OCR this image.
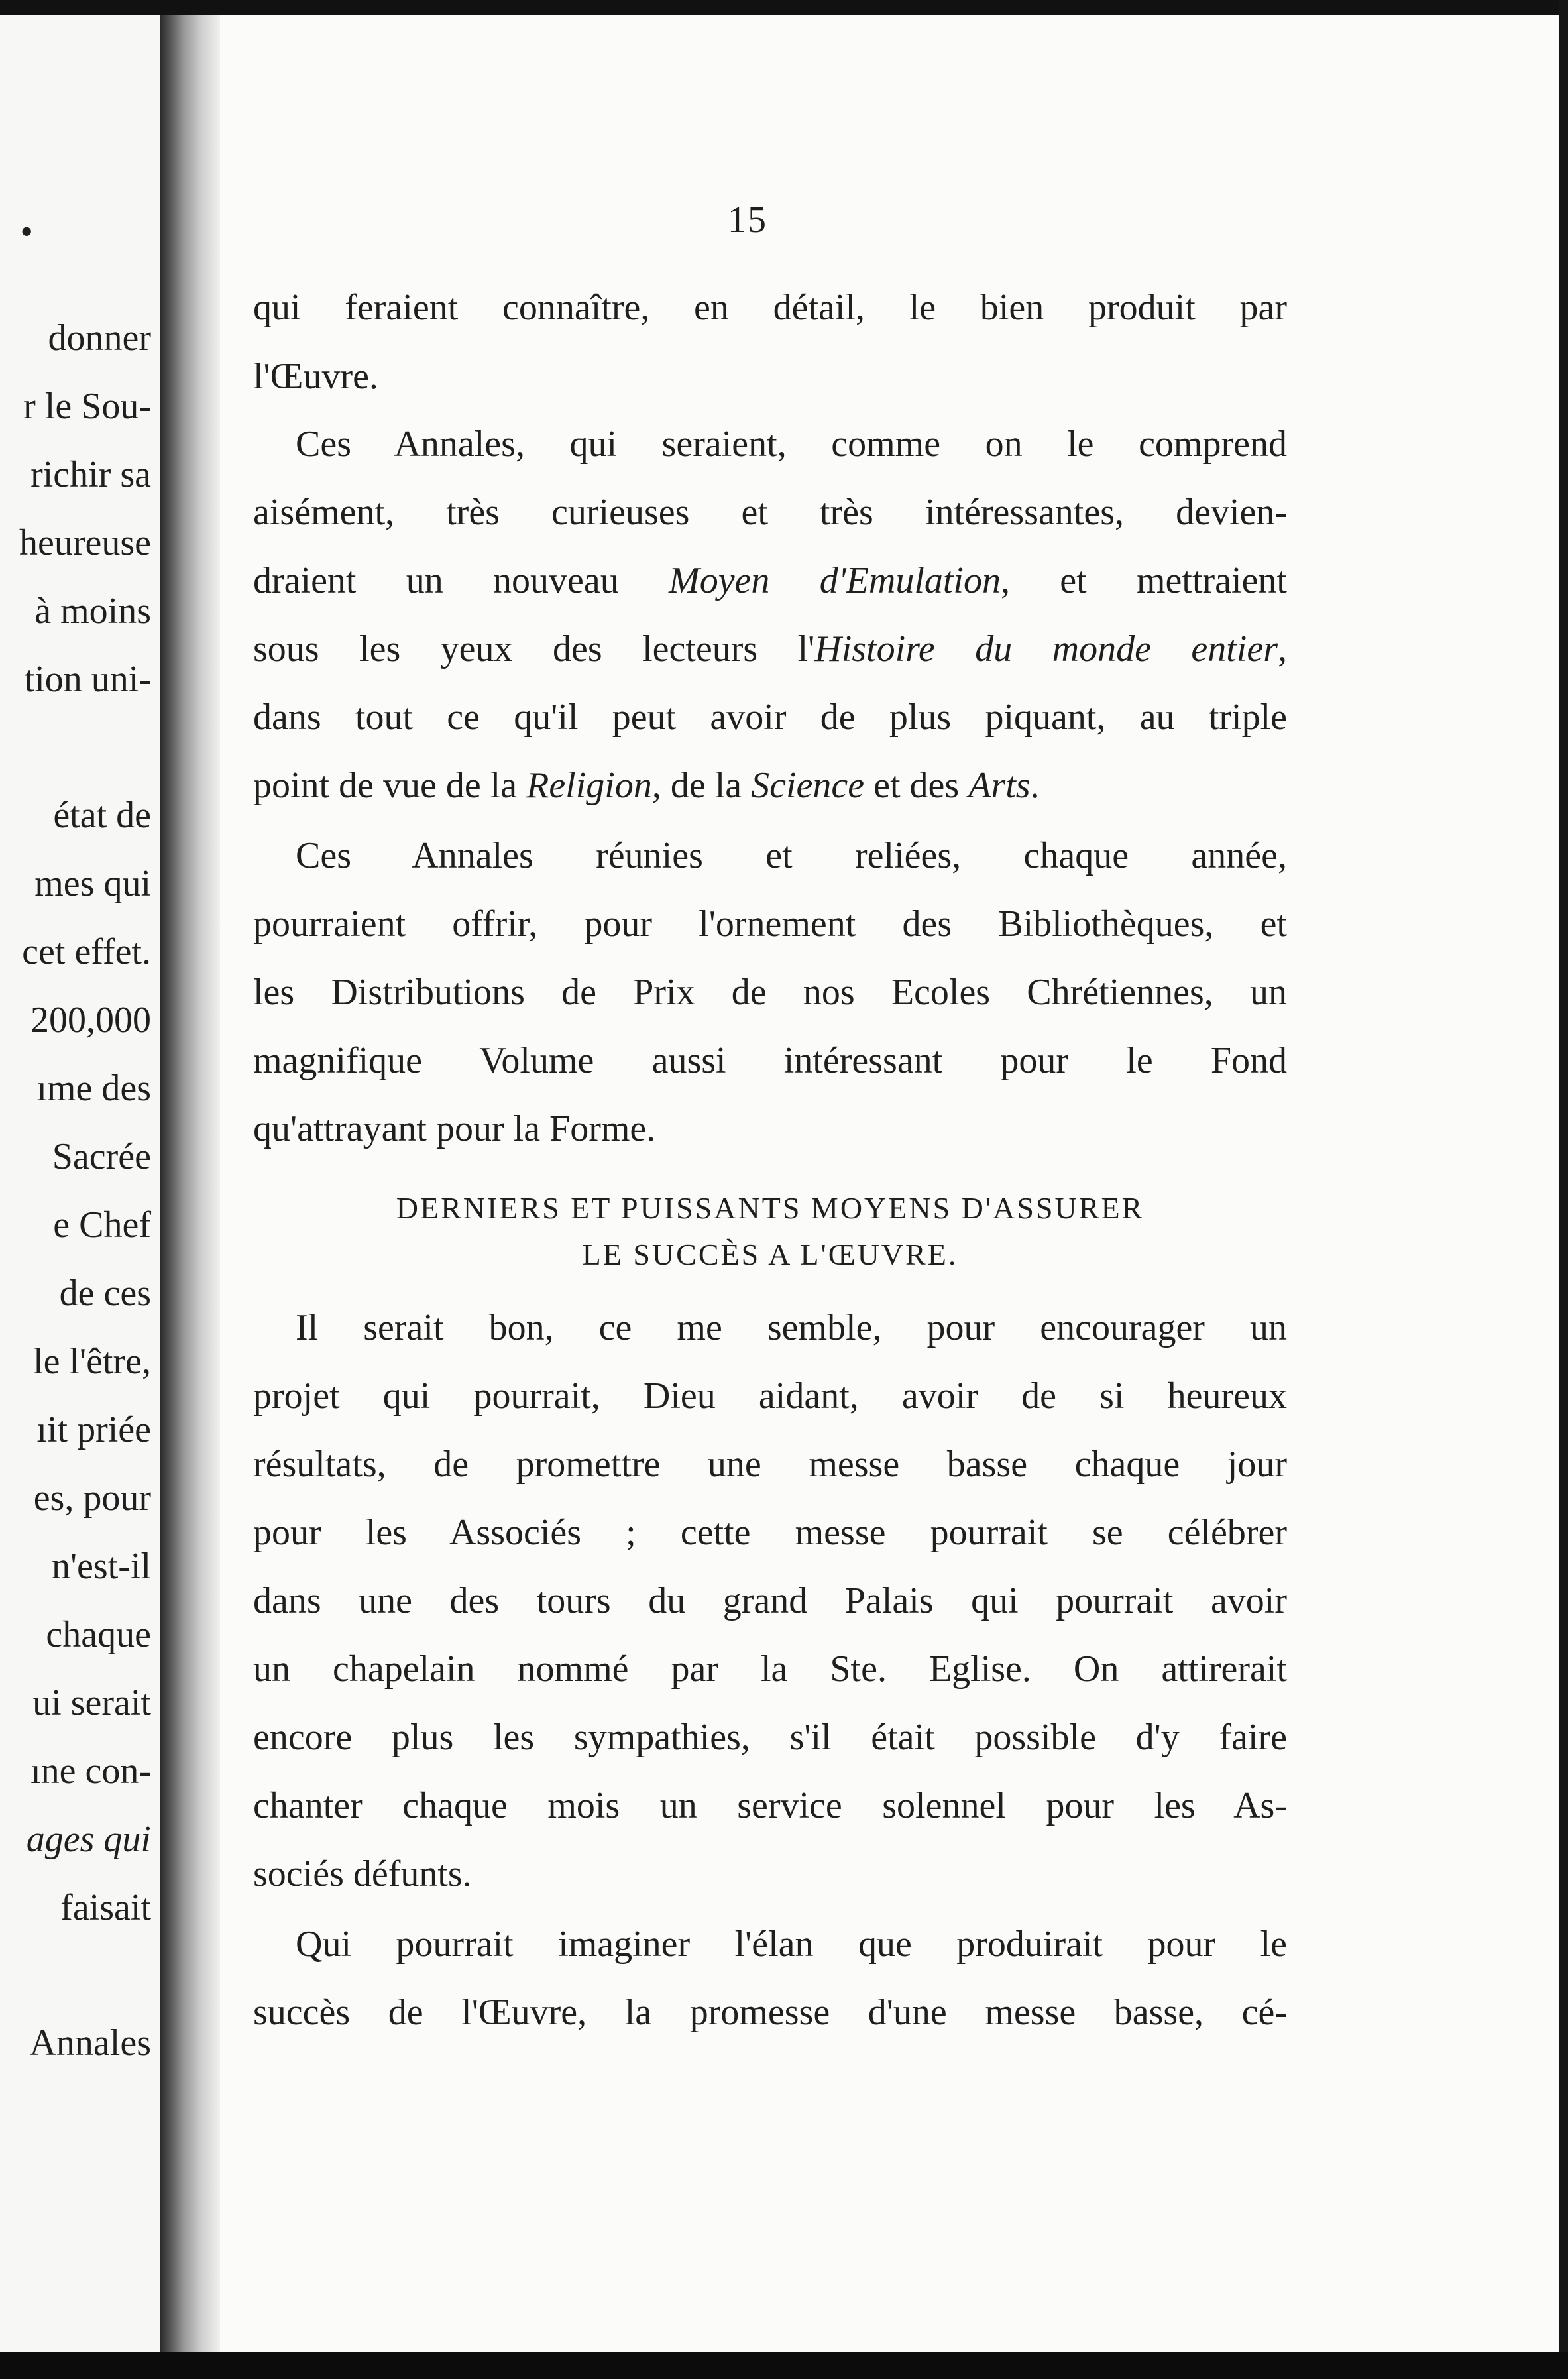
•
donner
r le Sou-
richir sa
heureuse
à moins
tion uni-
état de
mes qui
cet effet.
200,000
ıme des
Sacrée
e Chef
de ces
le l'être,
ıit priée
es, pour
n'est-il
chaque
ui serait
ıne con-
ages qui
faisait
Annales
15
qui feraient connaître, en détail, le bien produit par
l'Œuvre.
Ces Annales, qui seraient, comme on le comprend
aisément, très curieuses et très intéressantes, devien-
draient un nouveau Moyen d'Emulation, et mettraient
sous les yeux des lecteurs l'Histoire du monde entier,
dans tout ce qu'il peut avoir de plus piquant, au triple
point de vue de la Religion, de la Science et des Arts.
Ces Annales réunies et reliées, chaque année,
pourraient offrir, pour l'ornement des Bibliothèques, et
les Distributions de Prix de nos Ecoles Chrétiennes, un
magnifique Volume aussi intéressant pour le Fond
qu'attrayant pour la Forme.
DERNIERS ET PUISSANTS MOYENS D'ASSURER
LE SUCCÈS A L'ŒUVRE.
Il serait bon, ce me semble, pour encourager un
projet qui pourrait, Dieu aidant, avoir de si heureux
résultats, de promettre une messe basse chaque jour
pour les Associés ; cette messe pourrait se célébrer
dans une des tours du grand Palais qui pourrait avoir
un chapelain nommé par la Ste. Eglise. On attirerait
encore plus les sympathies, s'il était possible d'y faire
chanter chaque mois un service solennel pour les As-
sociés défunts.
Qui pourrait imaginer l'élan que produirait pour le
succès de l'Œuvre, la promesse d'une messe basse, cé-
